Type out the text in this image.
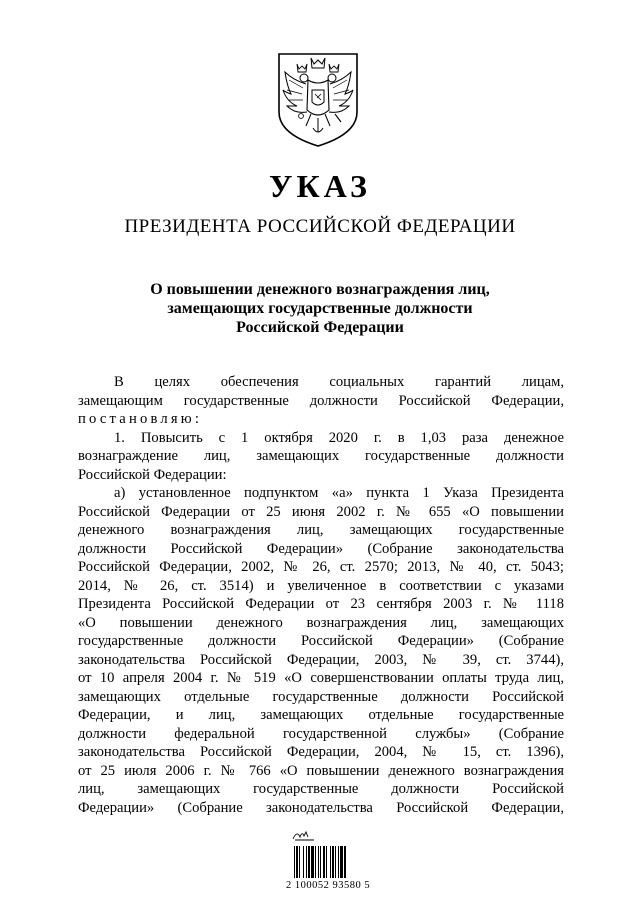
УКАЗ
ПРЕЗИДЕНТА РОССИЙСКОЙ ФЕДЕРАЦИИ
О повышении денежного вознаграждения лиц,
замещающих государственные должности
Российской Федерации

В целях обеспечения социальных гарантий лицам,

замещающим государственные должности Российской Федерации,

постановляю:

1. Повысить с 1 октября 2020 г. в 1,03 раза денежное

вознаграждение лиц, замещающих государственные должности

Российской Федерации:

а) установленное подпунктом «а» пункта 1 Указа Президента

Российской Федерации от 25 июня 2002 г. № 655 «О повышении

денежного вознаграждения лиц, замещающих государственные

должности Российской Федерации» (Собрание законодательства

Российской Федерации, 2002, № 26, ст. 2570; 2013, № 40, ст. 5043;

2014, № 26, ст. 3514) и увеличенное в соответствии с указами

Президента Российской Федерации от 23 сентября 2003 г. № 1118

«О повышении денежного вознаграждения лиц, замещающих

государственные должности Российской Федерации» (Собрание

законодательства Российской Федерации, 2003, № 39, ст. 3744),

от 10 апреля 2004 г. № 519 «О совершенствовании оплаты труда лиц,

замещающих отдельные государственные должности Российской

Федерации, и лиц, замещающих отдельные государственные

должности федеральной государственной службы» (Собрание

законодательства Российской Федерации, 2004, № 15, ст. 1396),

от 25 июля 2006 г. № 766 «О повышении денежного вознаграждения

лиц, замещающих государственные должности Российской

Федерации» (Собрание законодательства Российской Федерации,

2 100052 93580 5
